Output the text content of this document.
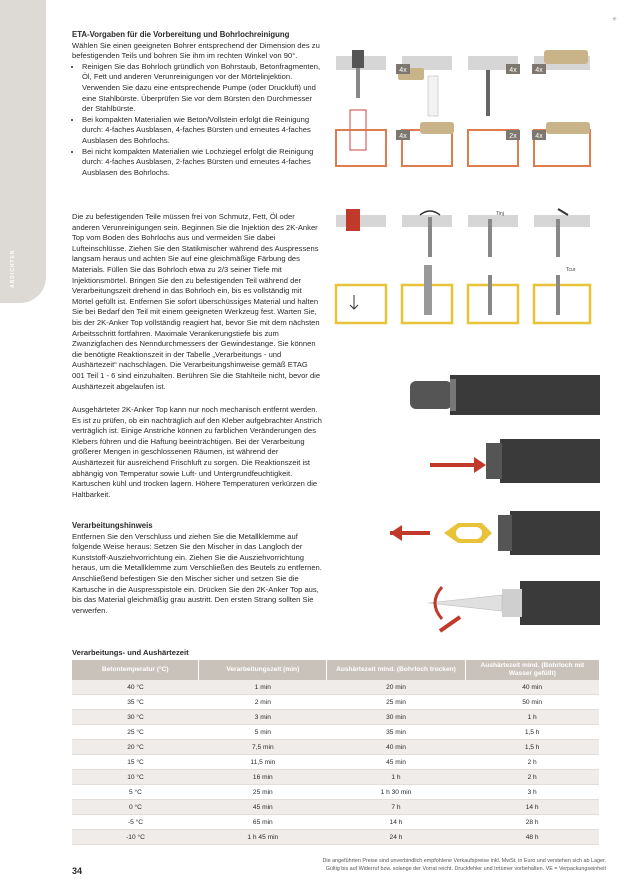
ABDICHTEN
✳
ETA-Vorgaben für die Vorbereitung und Bohrlochreinigung

Wählen Sie einen geeigneten Bohrer entsprechend der Dimension des zu befestigenden Teils und bohren Sie ihm im rechten Winkel von 90°.

• Reinigen Sie das Bohrloch gründlich von Bohrstaub, Betonfragmenten, Öl, Fett und anderen Verunreinigungen vor der Mörtelinjektion. Verwenden Sie dazu eine entsprechende Pumpe (oder Druckluft) und eine Stahlbürste. Überprüfen Sie vor dem Bürsten den Durchmesser der Stahlbürste.
• Bei kompakten Materialien wie Beton/Vollstein erfolgt die Reinigung durch: 4-faches Ausblasen, 4-faches Bürsten und erneutes 4-faches Ausblasen des Bohrlochs.
• Bei nicht kompakten Materialien wie Lochziegel erfolgt die Reinigung durch: 4-faches Ausblasen, 2-faches Bürsten und erneutes 4-faches Ausblasen des Bohrlochs.

Die zu befestigenden Teile müssen frei von Schmutz, Fett, Öl oder anderen Verunreinigungen sein. Beginnen Sie die Injektion des 2K-Anker Top vom Boden des Bohrlochs aus und vermeiden Sie dabei Lufteinschlüsse. Ziehen Sie den Statikmischer während des Auspressens langsam heraus und achten Sie auf eine gleichmäßige Färbung des Materials. Füllen Sie das Bohrloch etwa zu 2/3 seiner Tiefe mit Injektionsmörtel. Bringen Sie den zu befestigenden Teil während der Verarbeitungszeit drehend in das Bohrloch ein, bis es vollständig mit Mörtel gefüllt ist. Entfernen Sie sofort überschüssiges Material und halten Sie bei Bedarf den Teil mit einem geeigneten Werkzeug fest. Warten Sie, bis der 2K-Anker Top vollständig reagiert hat, bevor Sie mit dem nächsten Arbeitsschritt fortfahren. Maximale Verankerungstiefe bis zum Zwanzigfachen des Nenndurchmessers der Gewindestange. Sie können die benötigte Reaktionszeit in der Tabelle „Verarbeitungs - und Aushärtezeit“ nachschlagen. Die Verarbeitungshinweise gemäß ETAG 001 Teil 1 - 6 sind einzuhalten. Berühren Sie die Stahlteile nicht, bevor die Aushärtezeit abgelaufen ist.

Ausgehärteter 2K-Anker Top kann nur noch mechanisch entfernt werden. Es ist zu prüfen, ob ein nachträglich auf den Kleber aufgebrachter Anstrich verträglich ist. Einige Anstriche können zu farblichen Veränderungen des Klebers führen und die Haftung beeinträchtigen. Bei der Verarbeitung größerer Mengen in geschlossenen Räumen, ist während der Aushärtezeit für ausreichend Frischluft zu sorgen. Die Reaktionszeit ist abhängig von Temperatur sowie Luft- und Untergrundfeuchtigkeit. Kartuschen kühl und trocken lagern. Höhere Temperaturen verkürzen die Haltbarkeit.

Verarbeitungshinweis

Entfernen Sie den Verschluss und ziehen Sie die Metallklemme auf folgende Weise heraus: Setzen Sie den Mischer in das Langloch der Kunststoff-Ausziehvorrichtung ein. Ziehen Sie die Ausziehvorrichtung heraus, um die Metallklemme zum Verschließen des Beutels zu entfernen. Anschließend befestigen Sie den Mischer sicher und setzen Sie die Kartusche in die Auspresspistole ein. Drücken Sie den 2K-Anker Top aus, bis das Material gleichmäßig grau austritt. Den ersten Strang sollten Sie verwerfen.

4x	4x	4x
4x	2x	4x
Tinj
Tcur
Verarbeitungs- und Aushärtezeit
Betontemperatur (°C)	Verarbeitungszeit (min)	Aushärtezeit mind. (Bohrloch trocken)	Aushärtezeit mind. (Bohrloch mit Wasser gefüllt)
40 °C	1 min	20 min	40 min
35 °C	2 min	25 min	50 min
30 °C	3 min	30 min	1 h
25 °C	5 min	35 min	1,5 h
20 °C	7,5 min	40 min	1,5 h
15 °C	11,5 min	45 min	2 h
10 °C	16 min	1 h	2 h
5 °C	25 min	1 h 30 min	3 h
0 °C	45 min	7 h	14 h
-5 °C	65 min	14 h	28 h
-10 °C	1 h 45 min	24 h	48 h
34
Die angeführten Preise sind unverbindlich empfohlene Verkaufspreise inkl. MwSt. in Euro und verstehen sich ab Lager.
Gültig bis auf Widerruf bzw. solange der Vorrat reicht. Druckfehler und Irrtümer vorbehalten. VE = Verpackungseinheit
